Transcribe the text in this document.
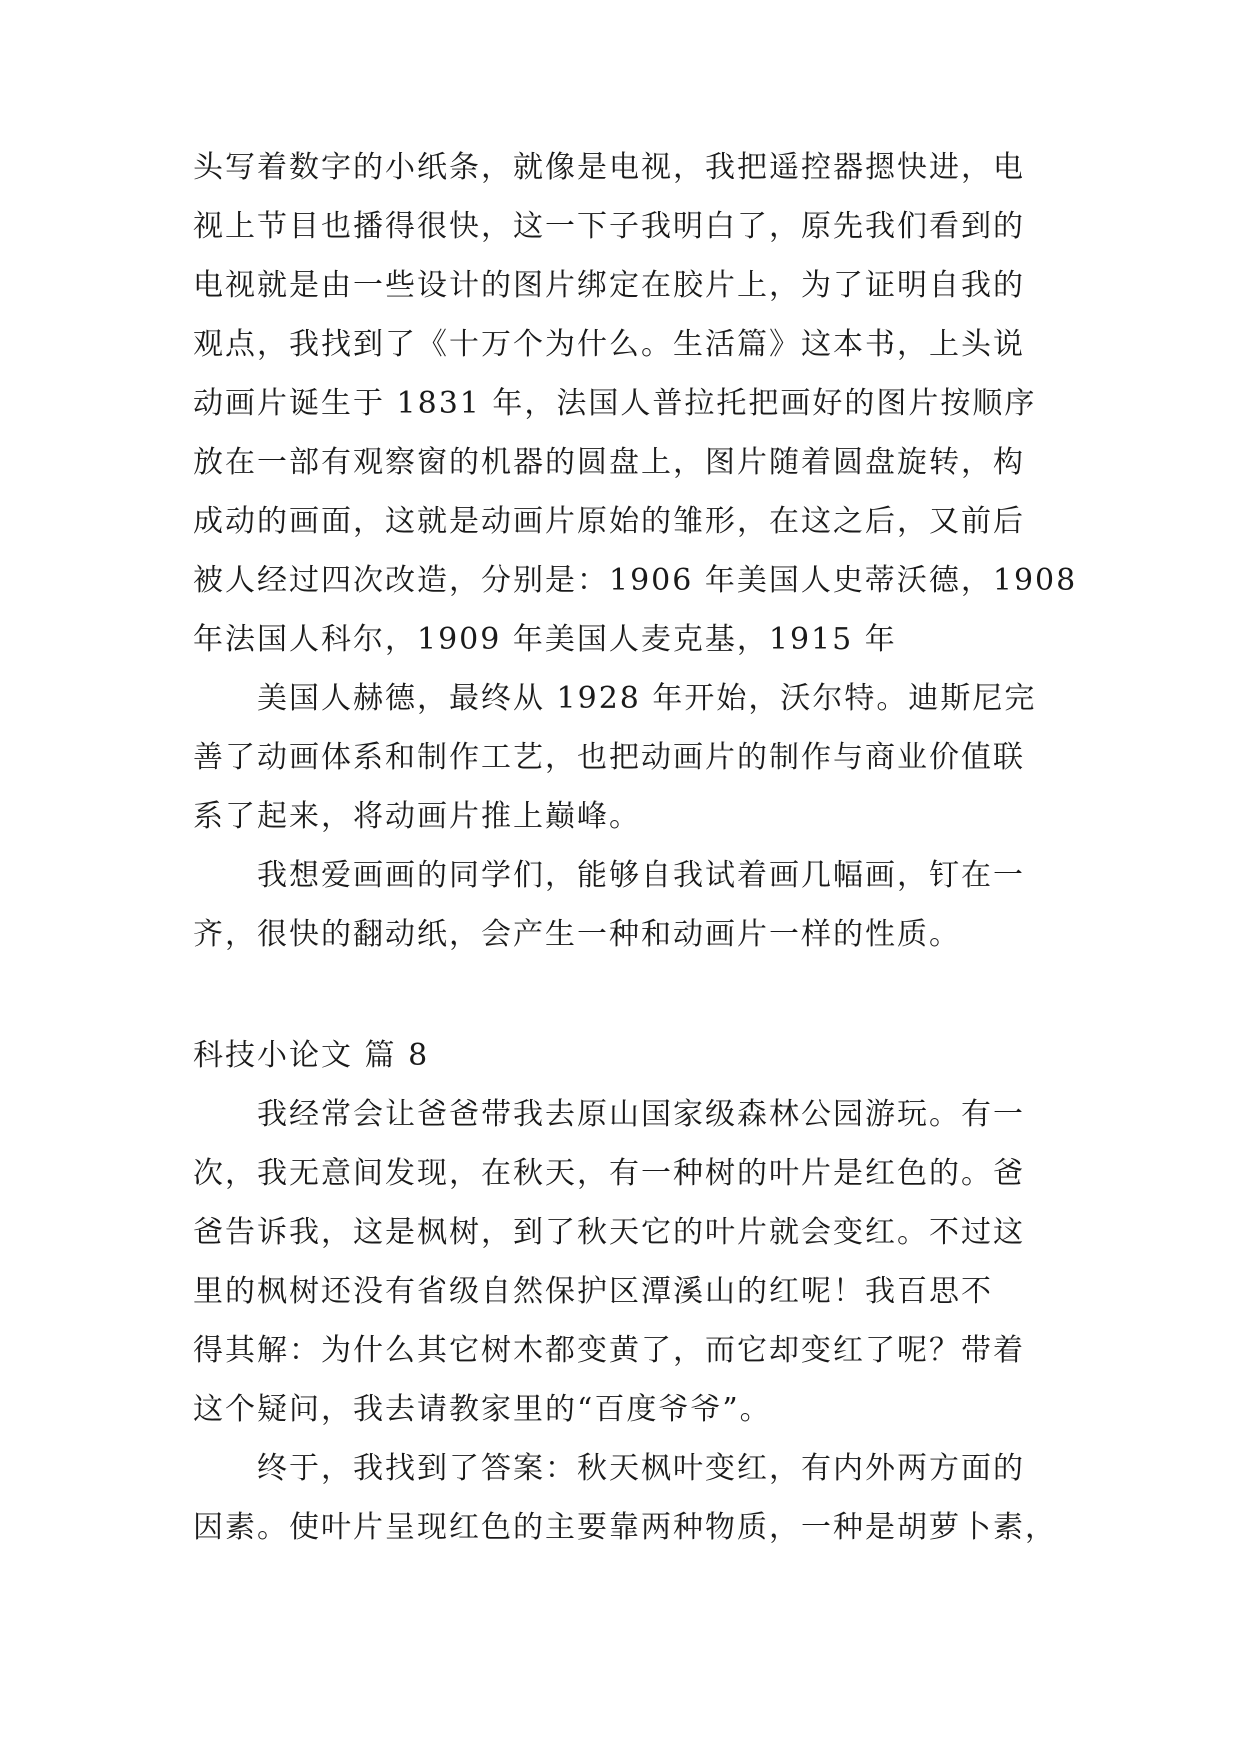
头写着数字的小纸条，就像是电视，我把遥控器摁快进，电
视上节目也播得很快，这一下子我明白了，原先我们看到的
电视就是由一些设计的图片绑定在胶片上，为了证明自我的
观点，我找到了《十万个为什么。生活篇》这本书，上头说
动画片诞生于 1831 年，法国人普拉托把画好的图片按顺序
放在一部有观察窗的机器的圆盘上，图片随着圆盘旋转，构
成动的画面，这就是动画片原始的雏形，在这之后，又前后
被人经过四次改造，分别是：1906 年美国人史蒂沃德，1908
年法国人科尔，1909 年美国人麦克基，1915 年
美国人赫德，最终从 1928 年开始，沃尔特。迪斯尼完
善了动画体系和制作工艺，也把动画片的制作与商业价值联
系了起来，将动画片推上巅峰。
我想爱画画的同学们，能够自我试着画几幅画，钉在一
齐，很快的翻动纸，会产生一种和动画片一样的性质。
科技小论文 篇 8
我经常会让爸爸带我去原山国家级森林公园游玩。有一
次，我无意间发现，在秋天，有一种树的叶片是红色的。爸
爸告诉我，这是枫树，到了秋天它的叶片就会变红。不过这
里的枫树还没有省级自然保护区潭溪山的红呢！我百思不
得其解：为什么其它树木都变黄了，而它却变红了呢？带着
这个疑问，我去请教家里的“百度爷爷”。
终于，我找到了答案：秋天枫叶变红，有内外两方面的
因素。使叶片呈现红色的主要靠两种物质，一种是胡萝卜素，
